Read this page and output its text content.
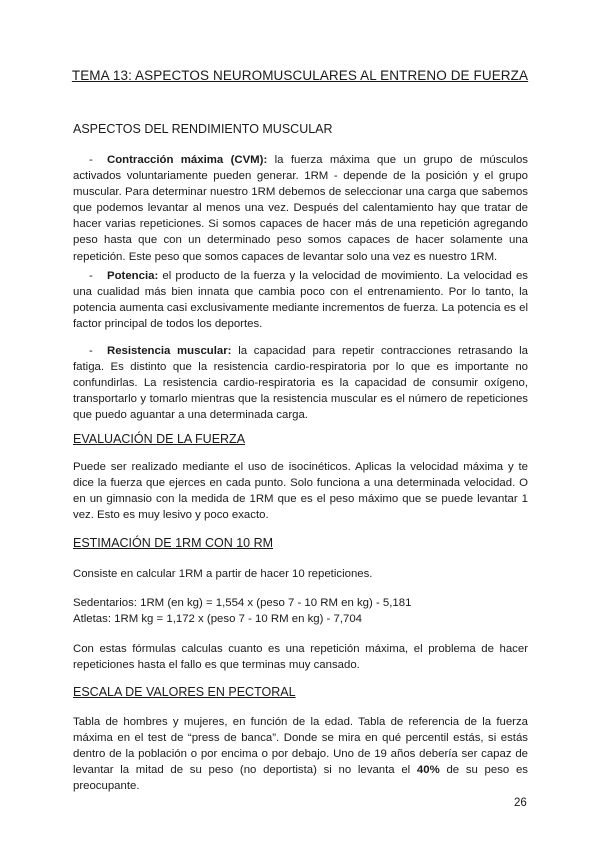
TEMA 13: ASPECTOS NEUROMUSCULARES AL ENTRENO DE FUERZA
ASPECTOS DEL RENDIMIENTO MUSCULAR

- Contracción máxima (CVM): la fuerza máxima que un grupo de músculos activados voluntariamente pueden generar. 1RM - depende de la posición y el grupo muscular. Para determinar nuestro 1RM debemos de seleccionar una carga que sabemos que podemos levantar al menos una vez. Después del calentamiento hay que tratar de hacer varias repeticiones. Si somos capaces de hacer más de una repetición agregando peso hasta que con un determinado peso somos capaces de hacer solamente una repetición. Este peso que somos capaces de levantar solo una vez es nuestro 1RM.

- Potencia: el producto de la fuerza y la velocidad de movimiento. La velocidad es una cualidad más bien innata que cambia poco con el entrenamiento. Por lo tanto, la potencia aumenta casi exclusivamente mediante incrementos de fuerza. La potencia es el factor principal de todos los deportes.

- Resistencia muscular: la capacidad para repetir contracciones retrasando la fatiga. Es distinto que la resistencia cardio-respiratoria por lo que es importante no confundirlas. La resistencia cardio-respiratoria es la capacidad de consumir oxígeno, transportarlo y tomarlo mientras que la resistencia muscular es el número de repeticiones que puedo aguantar a una determinada carga.

EVALUACIÓN DE LA FUERZA

Puede ser realizado mediante el uso de isocinéticos. Aplicas la velocidad máxima y te dice la fuerza que ejerces en cada punto. Solo funciona a una determinada velocidad. O en un gimnasio con la medida de 1RM que es el peso máximo que se puede levantar 1 vez. Esto es muy lesivo y poco exacto.

ESTIMACIÓN DE 1RM CON 10 RM

Consiste en calcular 1RM a partir de hacer 10 repeticiones.

Sedentarios: 1RM (en kg) = 1,554 x (peso 7 - 10 RM en kg) - 5,181

Atletas: 1RM kg = 1,172 x (peso 7 - 10 RM en kg) - 7,704

Con estas fórmulas calculas cuanto es una repetición máxima, el problema de hacer repeticiones hasta el fallo es que terminas muy cansado.

ESCALA DE VALORES EN PECTORAL

Tabla de hombres y mujeres, en función de la edad. Tabla de referencia de la fuerza máxima en el test de “press de banca”. Donde se mira en qué percentil estás, si estás dentro de la población o por encima o por debajo. Uno de 19 años debería ser capaz de levantar la mitad de su peso (no deportista) si no levanta el 40% de su peso es preocupante.

26
